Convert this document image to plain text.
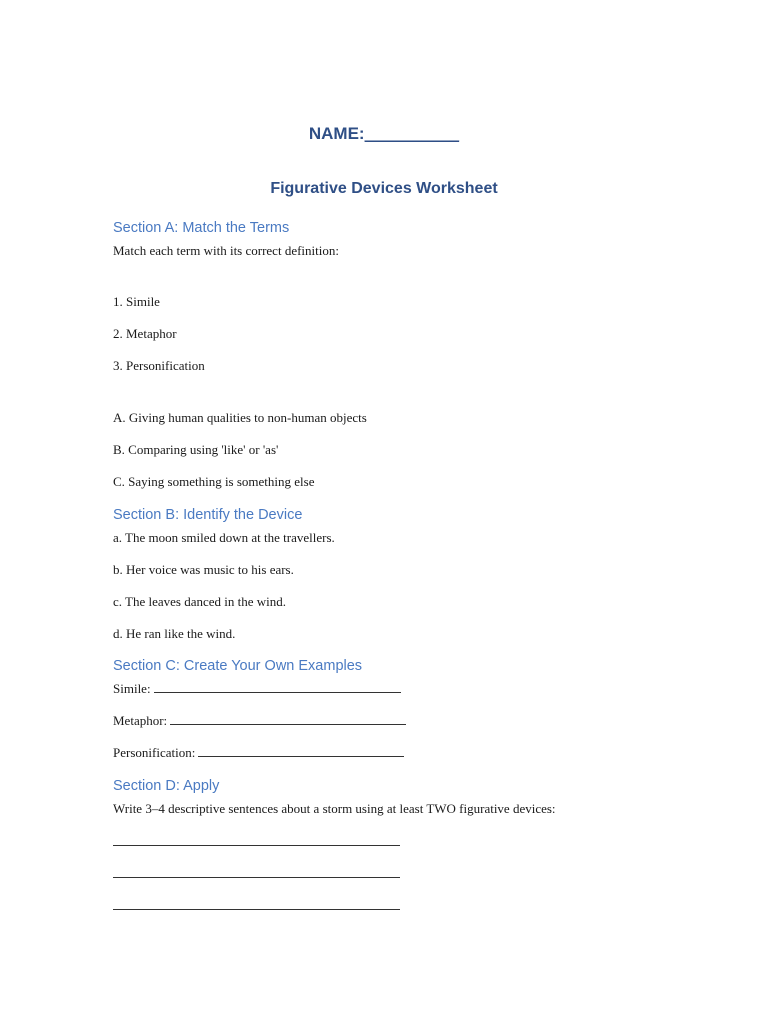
NAME:__________
Figurative Devices Worksheet
Section A: Match the Terms
Match each term with its correct definition:
1. Simile
2. Metaphor
3. Personification
A. Giving human qualities to non-human objects
B. Comparing using 'like' or 'as'
C. Saying something is something else
Section B: Identify the Device
a. The moon smiled down at the travellers.
b. Her voice was music to his ears.
c. The leaves danced in the wind.
d. He ran like the wind.
Section C: Create Your Own Examples
Simile:
Metaphor:
Personification:
Section D: Apply
Write 3–4 descriptive sentences about a storm using at least TWO figurative devices:
